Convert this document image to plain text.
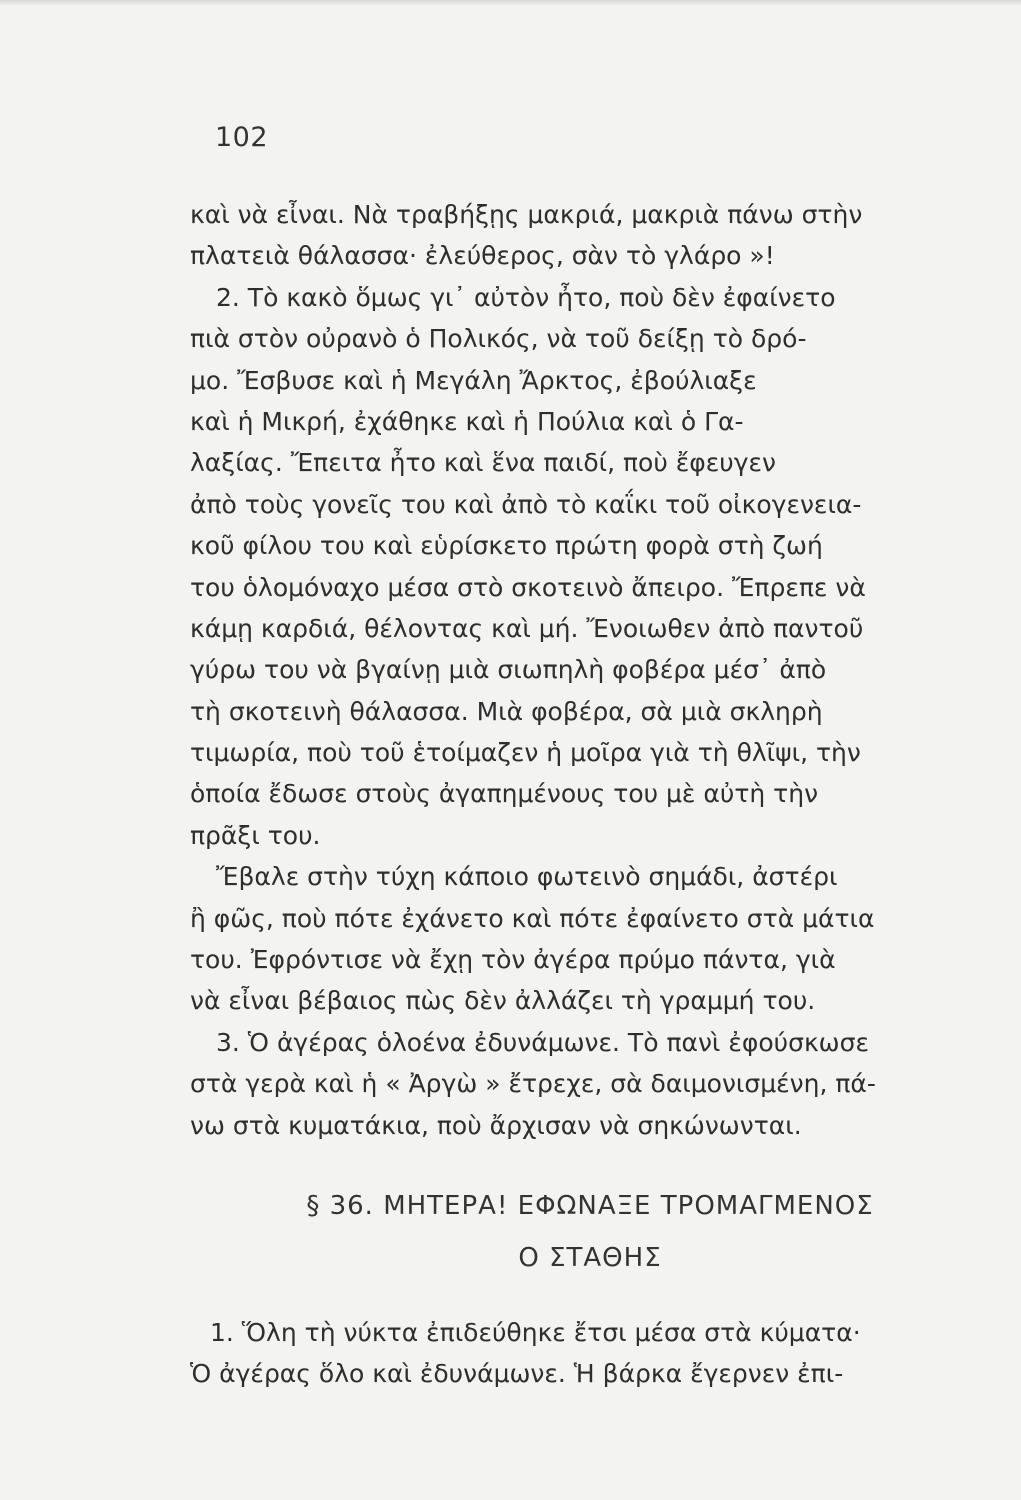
102
καὶ νὰ εἶναι. Νὰ τραβήξῃς μακριά, μακριὰ πάνω στὴν
πλατειὰ θάλασσα· ἐλεύθερος, σὰν τὸ γλάρο »!
2. Τὸ κακὸ ὅμως γι᾿ αὐτὸν ἦτο, ποὺ δὲν ἐφαίνετο
πιὰ στὸν οὐρανὸ ὁ Πολικός, νὰ τοῦ δείξῃ τὸ δρό-
μο. Ἔσβυσε καὶ ἡ Μεγάλη Ἄρκτος, ἐβούλιαξε
καὶ ἡ Μικρή, ἐχάθηκε καὶ ἡ Πούλια καὶ ὁ Γα-
λαξίας. Ἔπειτα ἦτο καὶ ἕνα παιδί, ποὺ ἔφευγεν
ἀπὸ τοὺς γονεῖς του καὶ ἀπὸ τὸ καΐκι τοῦ οἰκογενεια-
κοῦ φίλου του καὶ εὑρίσκετο πρώτη φορὰ στὴ ζωή
του ὁλομόναχο μέσα στὸ σκοτεινὸ ἄπειρο. Ἔπρεπε νὰ
κάμῃ καρδιά, θέλοντας καὶ μή. Ἔνοιωθεν ἀπὸ παντοῦ
γύρω του νὰ βγαίνῃ μιὰ σιωπηλὴ φοβέρα μέσ᾿ ἀπὸ
τὴ σκοτεινὴ θάλασσα. Μιὰ φοβέρα, σὰ μιὰ σκληρὴ
τιμωρία, ποὺ τοῦ ἑτοίμαζεν ἡ μοῖρα γιὰ τὴ θλῖψι, τὴν
ὁποία ἔδωσε στοὺς ἀγαπημένους του μὲ αὐτὴ τὴν
πρᾶξι του.
Ἔβαλε στὴν τύχη κάποιο φωτεινὸ σημάδι, ἀστέρι
ἢ φῶς, ποὺ πότε ἐχάνετο καὶ πότε ἐφαίνετο στὰ μάτια
του. Ἐφρόντισε νὰ ἔχῃ τὸν ἀγέρα πρύμο πάντα, γιὰ
νὰ εἶναι βέβαιος πὼς δὲν ἀλλάζει τὴ γραμμή του.
3. Ὁ ἀγέρας ὁλοένα ἐδυνάμωνε. Τὸ πανὶ ἐφούσκωσε
στὰ γερὰ καὶ ἡ « Ἀργὼ » ἔτρεχε, σὰ δαιμονισμένη, πά-
νω στὰ κυματάκια, ποὺ ἄρχισαν νὰ σηκώνωνται.
§ 36. ΜΗΤΕΡΑ! ΕΦΩΝΑΞΕ ΤΡΟΜΑΓΜΕΝΟΣ
Ο ΣΤΑΘΗΣ
1. Ὅλη τὴ νύκτα ἐπιδεύθηκε ἔτσι μέσα στὰ κύματα·
Ὁ ἀγέρας ὅλο καὶ ἐδυνάμωνε. Ἡ βάρκα ἔγερνεν ἐπι-
